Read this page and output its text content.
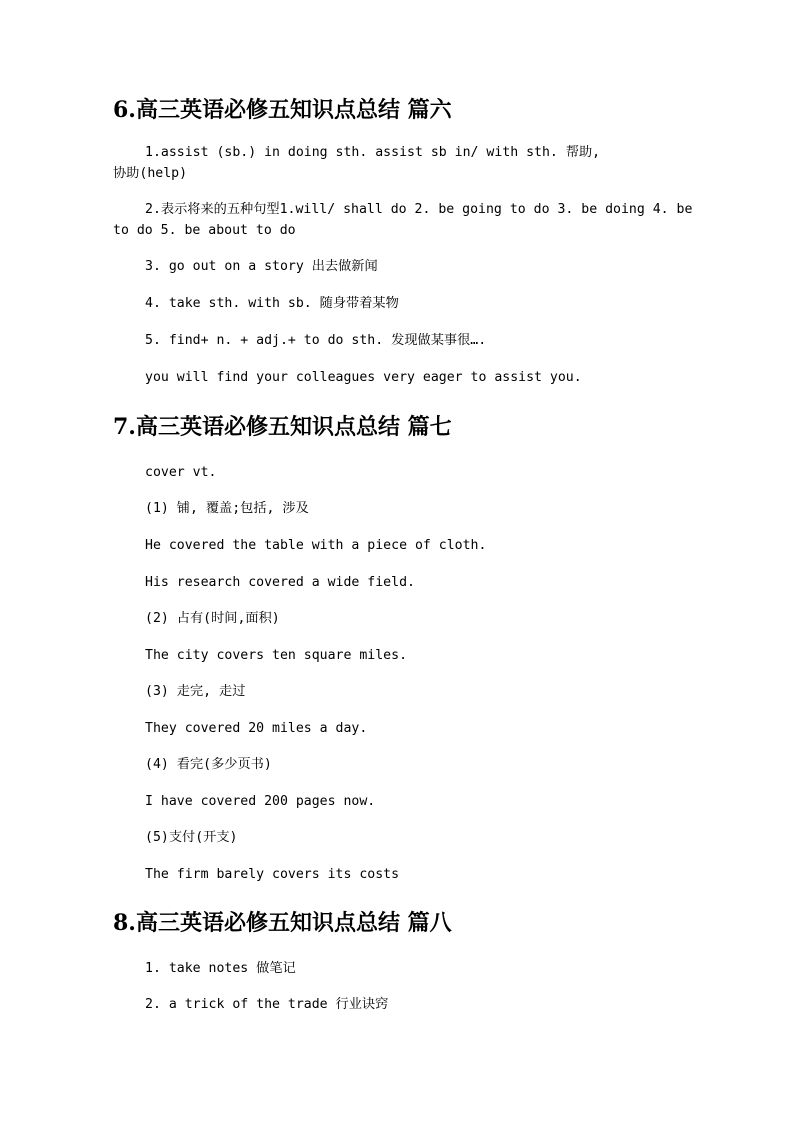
6.高三英语必修五知识点总结 篇六

1.assist (sb.) in doing sth. assist sb in/ with sth. 帮助,协助(help)

2.表示将来的五种句型1.will/ shall do 2. be going to do 3. be doing 4. be to do 5. be about to do

3. go out on a story 出去做新闻

4. take sth. with sb. 随身带着某物

5. find+ n. + adj.+ to do sth. 发现做某事很….

you will find your colleagues very eager to assist you.

7.高三英语必修五知识点总结 篇七

cover vt.

(1) 铺, 覆盖;包括, 涉及

He covered the table with a piece of cloth.

His research covered a wide field.

(2) 占有(时间,面积)

The city covers ten square miles.

(3) 走完, 走过

They covered 20 miles a day.

(4) 看完(多少页书)

I have covered 200 pages now.

(5)支付(开支)

The firm barely covers its costs

8.高三英语必修五知识点总结 篇八

1. take notes 做笔记

2. a trick of the trade 行业诀窍
